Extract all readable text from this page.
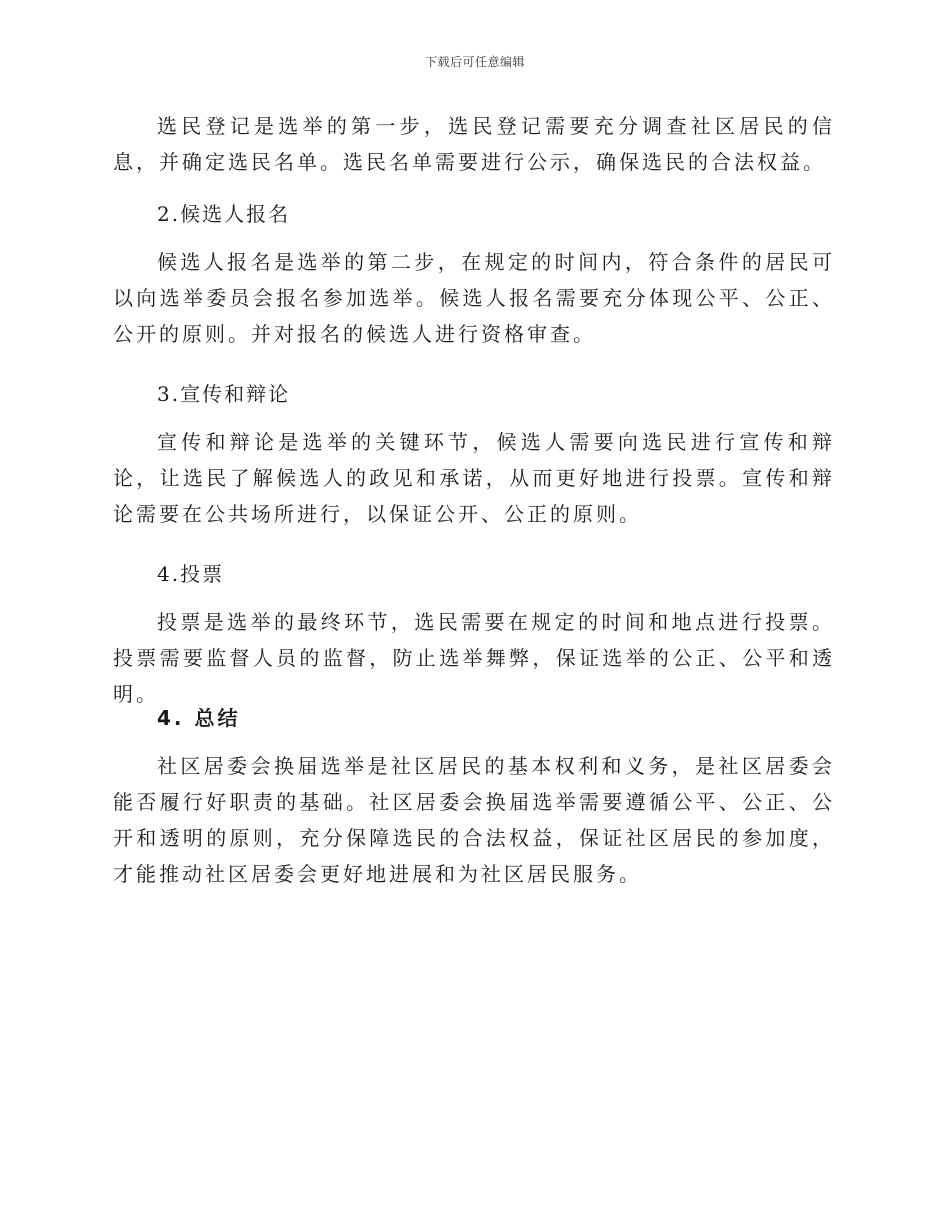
下载后可任意编辑

选民登记是选举的第一步，选民登记需要充分调查社区居民的信息，并确定选民名单。选民名单需要进行公示，确保选民的合法权益。

2.候选人报名

候选人报名是选举的第二步，在规定的时间内，符合条件的居民可以向选举委员会报名参加选举。候选人报名需要充分体现公平、公正、公开的原则。并对报名的候选人进行资格审查。

3.宣传和辩论

宣传和辩论是选举的关键环节，候选人需要向选民进行宣传和辩论，让选民了解候选人的政见和承诺，从而更好地进行投票。宣传和辩论需要在公共场所进行，以保证公开、公正的原则。

4.投票

投票是选举的最终环节，选民需要在规定的时间和地点进行投票。投票需要监督人员的监督，防止选举舞弊，保证选举的公正、公平和透明。

4. 总结

社区居委会换届选举是社区居民的基本权利和义务，是社区居委会能否履行好职责的基础。社区居委会换届选举需要遵循公平、公正、公开和透明的原则，充分保障选民的合法权益，保证社区居民的参加度，才能推动社区居委会更好地进展和为社区居民服务。
